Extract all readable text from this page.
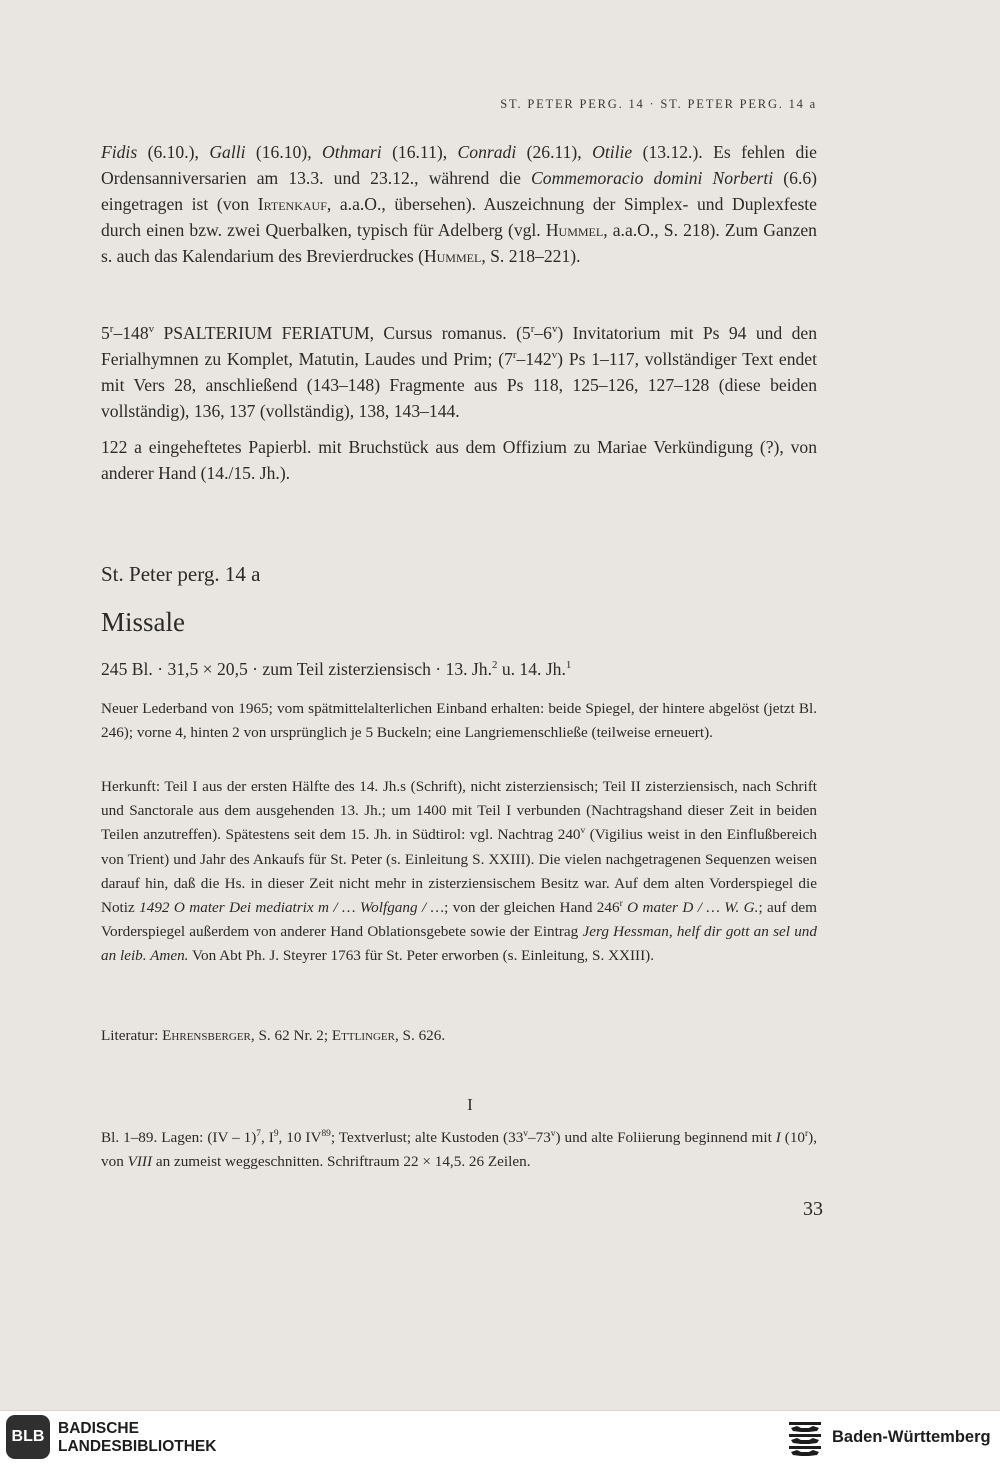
ST. PETER PERG. 14 · ST. PETER PERG. 14 a
Fidis (6.10.), Galli (16.10), Othmari (16.11), Conradi (26.11), Otilie (13.12.). Es fehlen die Ordensanniversarien am 13.3. und 23.12., während die Commemoracio domini Norberti (6.6) eingetragen ist (von Irtenkauf, a.a.O., übersehen). Auszeichnung der Simplex- und Duplexfeste durch einen bzw. zwei Querbalken, typisch für Adelberg (vgl. Hummel, a.a.O., S. 218). Zum Ganzen s. auch das Kalendarium des Brevierdruckes (Hummel, S. 218–221).
5$^r$–148$^v$ PSALTERIUM FERIATUM, Cursus romanus. (5$^r$–6$^v$) Invitatorium mit Ps 94 und den Ferialhymnen zu Komplet, Matutin, Laudes und Prim; (7$^r$–142$^v$) Ps 1–117, vollständiger Text endet mit Vers 28, anschließend (143–148) Fragmente aus Ps 118, 125–126, 127–128 (diese beiden vollständig), 136, 137 (vollständig), 138, 143–144.
122 a eingeheftetes Papierbl. mit Bruchstück aus dem Offizium zu Mariae Verkündigung (?), von anderer Hand (14./15. Jh.).
St. Peter perg. 14 a
Missale
245 Bl. · 31,5 × 20,5 · zum Teil zisterziensisch · 13. Jh.$^2$ u. 14. Jh.$^1$
Neuer Lederband von 1965; vom spätmittelalterlichen Einband erhalten: beide Spiegel, der hintere abgelöst (jetzt Bl. 246); vorne 4, hinten 2 von ursprünglich je 5 Buckeln; eine Langriemenschließe (teilweise erneuert).
Herkunft: Teil I aus der ersten Hälfte des 14. Jh.s (Schrift), nicht zisterziensisch; Teil II zisterziensisch, nach Schrift und Sanctorale aus dem ausgehenden 13. Jh.; um 1400 mit Teil I verbunden (Nachtragshand dieser Zeit in beiden Teilen anzutreffen). Spätestens seit dem 15. Jh. in Südtirol: vgl. Nachtrag 240$^v$ (Vigilius weist in den Einflußbereich von Trient) und Jahr des Ankaufs für St. Peter (s. Einleitung S. XXIII). Die vielen nachgetragenen Sequenzen weisen darauf hin, daß die Hs. in dieser Zeit nicht mehr in zisterziensischem Besitz war. Auf dem alten Vorderspiegel die Notiz 1492 O mater Dei mediatrix m / … Wolfgang / …; von der gleichen Hand 246$^r$ O mater D / … W. G.; auf dem Vorderspiegel außerdem von anderer Hand Oblationsgebete sowie der Eintrag Jerg Hessman, helf dir gott an sel und an leib. Amen. Von Abt Ph. J. Steyrer 1763 für St. Peter erworben (s. Einleitung, S. XXIII).
Literatur: Ehrensberger, S. 62 Nr. 2; Ettlinger, S. 626.
I
Bl. 1–89. Lagen: (IV – 1)$^7$, $I^9$, 10 IV$^{89}$; Textverlust; alte Kustoden (33$^v$–73$^v$) und alte Foliierung beginnend mit I (10$^r$), von VIII an zumeist weggeschnitten. Schriftraum 22 × 14,5. 26 Zeilen.
33
BLB BADISCHE
LANDESBIBLIOTHEK
Baden-Württemberg
